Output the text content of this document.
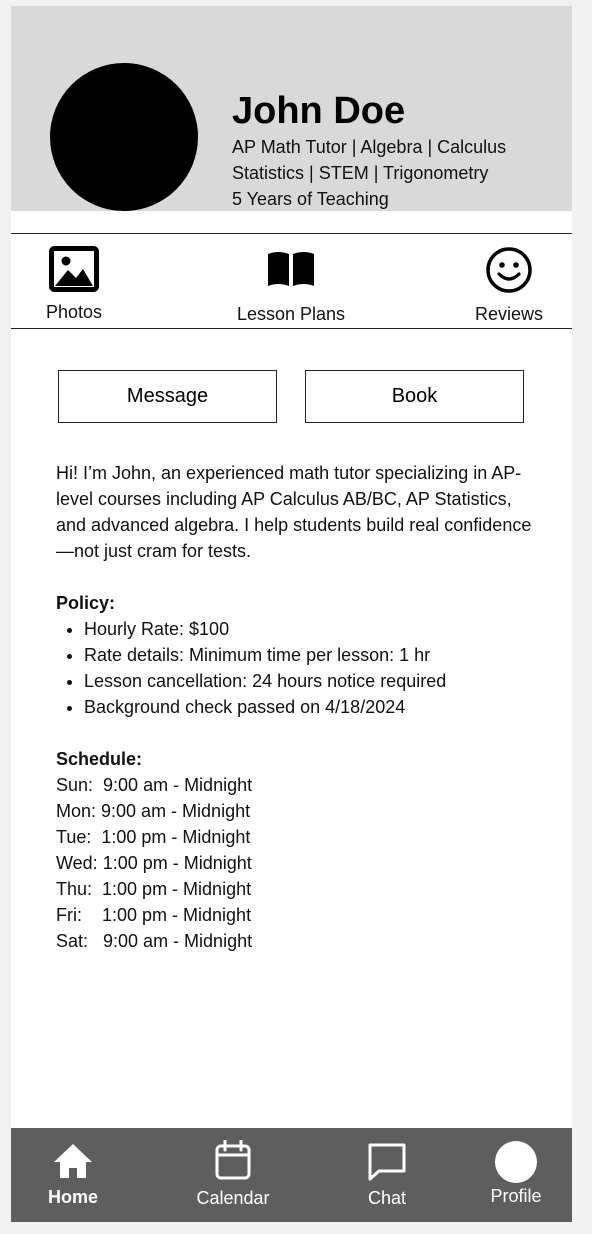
John Doe
AP Math Tutor | Algebra | Calculus
Statistics | STEM | Trigonometry
5 Years of Teaching
Photos	Lesson Plans	Reviews
Message	Book

Hi! I’m John, an experienced math tutor specializing in AP-level courses including AP Calculus AB/BC, AP Statistics, and advanced algebra. I help students build real confidence—not just cram for tests.

Policy:
• Hourly Rate: $100
• Rate details: Minimum time per lesson: 1 hr
• Lesson cancellation: 24 hours notice required
• Background check passed on 4/18/2024
Schedule:
Sun:  9:00 am - Midnight
Mon: 9:00 am - Midnight
Tue:  1:00 pm - Midnight
Wed: 1:00 pm - Midnight
Thu:  1:00 pm - Midnight
Fri:    1:00 pm - Midnight
Sat:   9:00 am - Midnight
Home	Calendar	Chat	Profile
